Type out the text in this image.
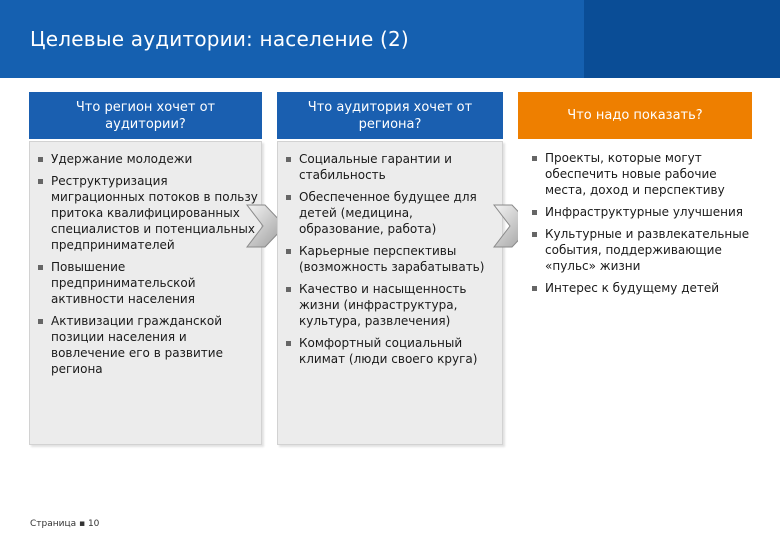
Целевые аудитории: население (2)
Что регион хочет от аудитории?
Удержание молодежи
Реструктуризация миграционных потоков в пользу притока квалифицированных специалистов и потенциальных предпринимателей
Повышение предпринимательской активности населения
Активизации гражданской позиции населения и вовлечение его в развитие региона
Что аудитория хочет от региона?
Социальные гарантии и стабильность
Обеспеченное будущее для детей (медицина, образование, работа)
Карьерные перспективы (возможность зарабатывать)
Качество и насыщенность жизни (инфраструктура, культура, развлечения)
Комфортный социальный климат (люди своего круга)
Что надо показать?
Проекты, которые могут обеспечить новые рабочие места, доход и перспективу
Инфраструктурные улучшения
Культурные и развлекательные события, поддерживающие «пульс» жизни
Интерес к будущему детей
Страница ▪ 10
